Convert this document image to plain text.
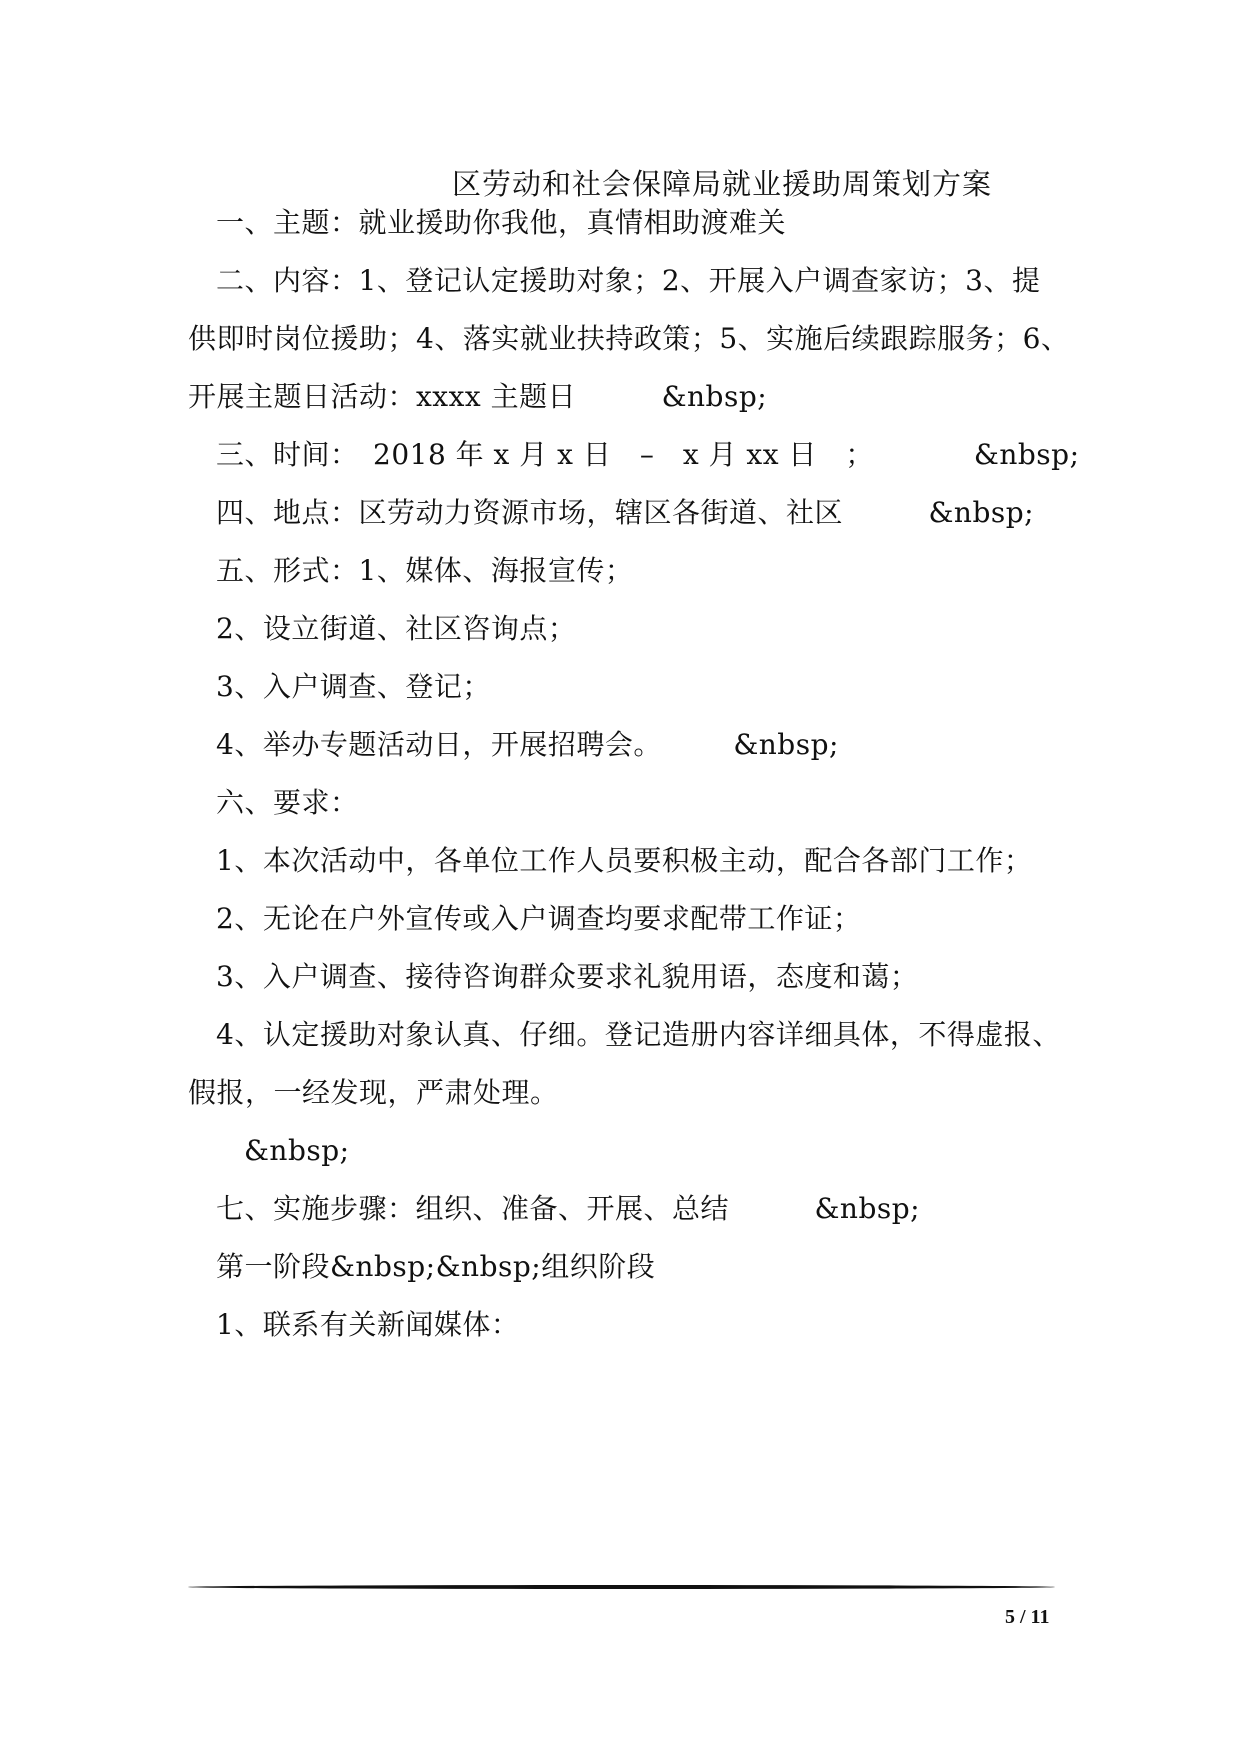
区劳动和社会保障局就业援助周策划方案
一、主题：就业援助你我他，真情相助渡难关
二、内容：1、登记认定援助对象；2、开展入户调查家访；3、提
供即时岗位援助；4、落实就业扶持政策；5、实施后续跟踪服务；6、
开展主题日活动：xxxx 主题日　　　&nbsp;
三、时间：　2018 年 x 月 x 日　–　x 月 xx 日　；　　　　&nbsp;
四、地点：区劳动力资源市场，辖区各街道、社区　　　&nbsp;
五、形式：1、媒体、海报宣传；
2、设立街道、社区咨询点；
3、入户调查、登记；
4、举办专题活动日，开展招聘会。　　　&nbsp;
六、要求：
1、本次活动中，各单位工作人员要积极主动，配合各部门工作；
2、无论在户外宣传或入户调查均要求配带工作证；
3、入户调查、接待咨询群众要求礼貌用语，态度和蔼；
4、认定援助对象认真、仔细。登记造册内容详细具体，不得虚报、
假报，一经发现，严肃处理。
&nbsp;
七、实施步骤：组织、准备、开展、总结　　　&nbsp;
第一阶段&nbsp;&nbsp;组织阶段
1、联系有关新闻媒体：
5 / 11
